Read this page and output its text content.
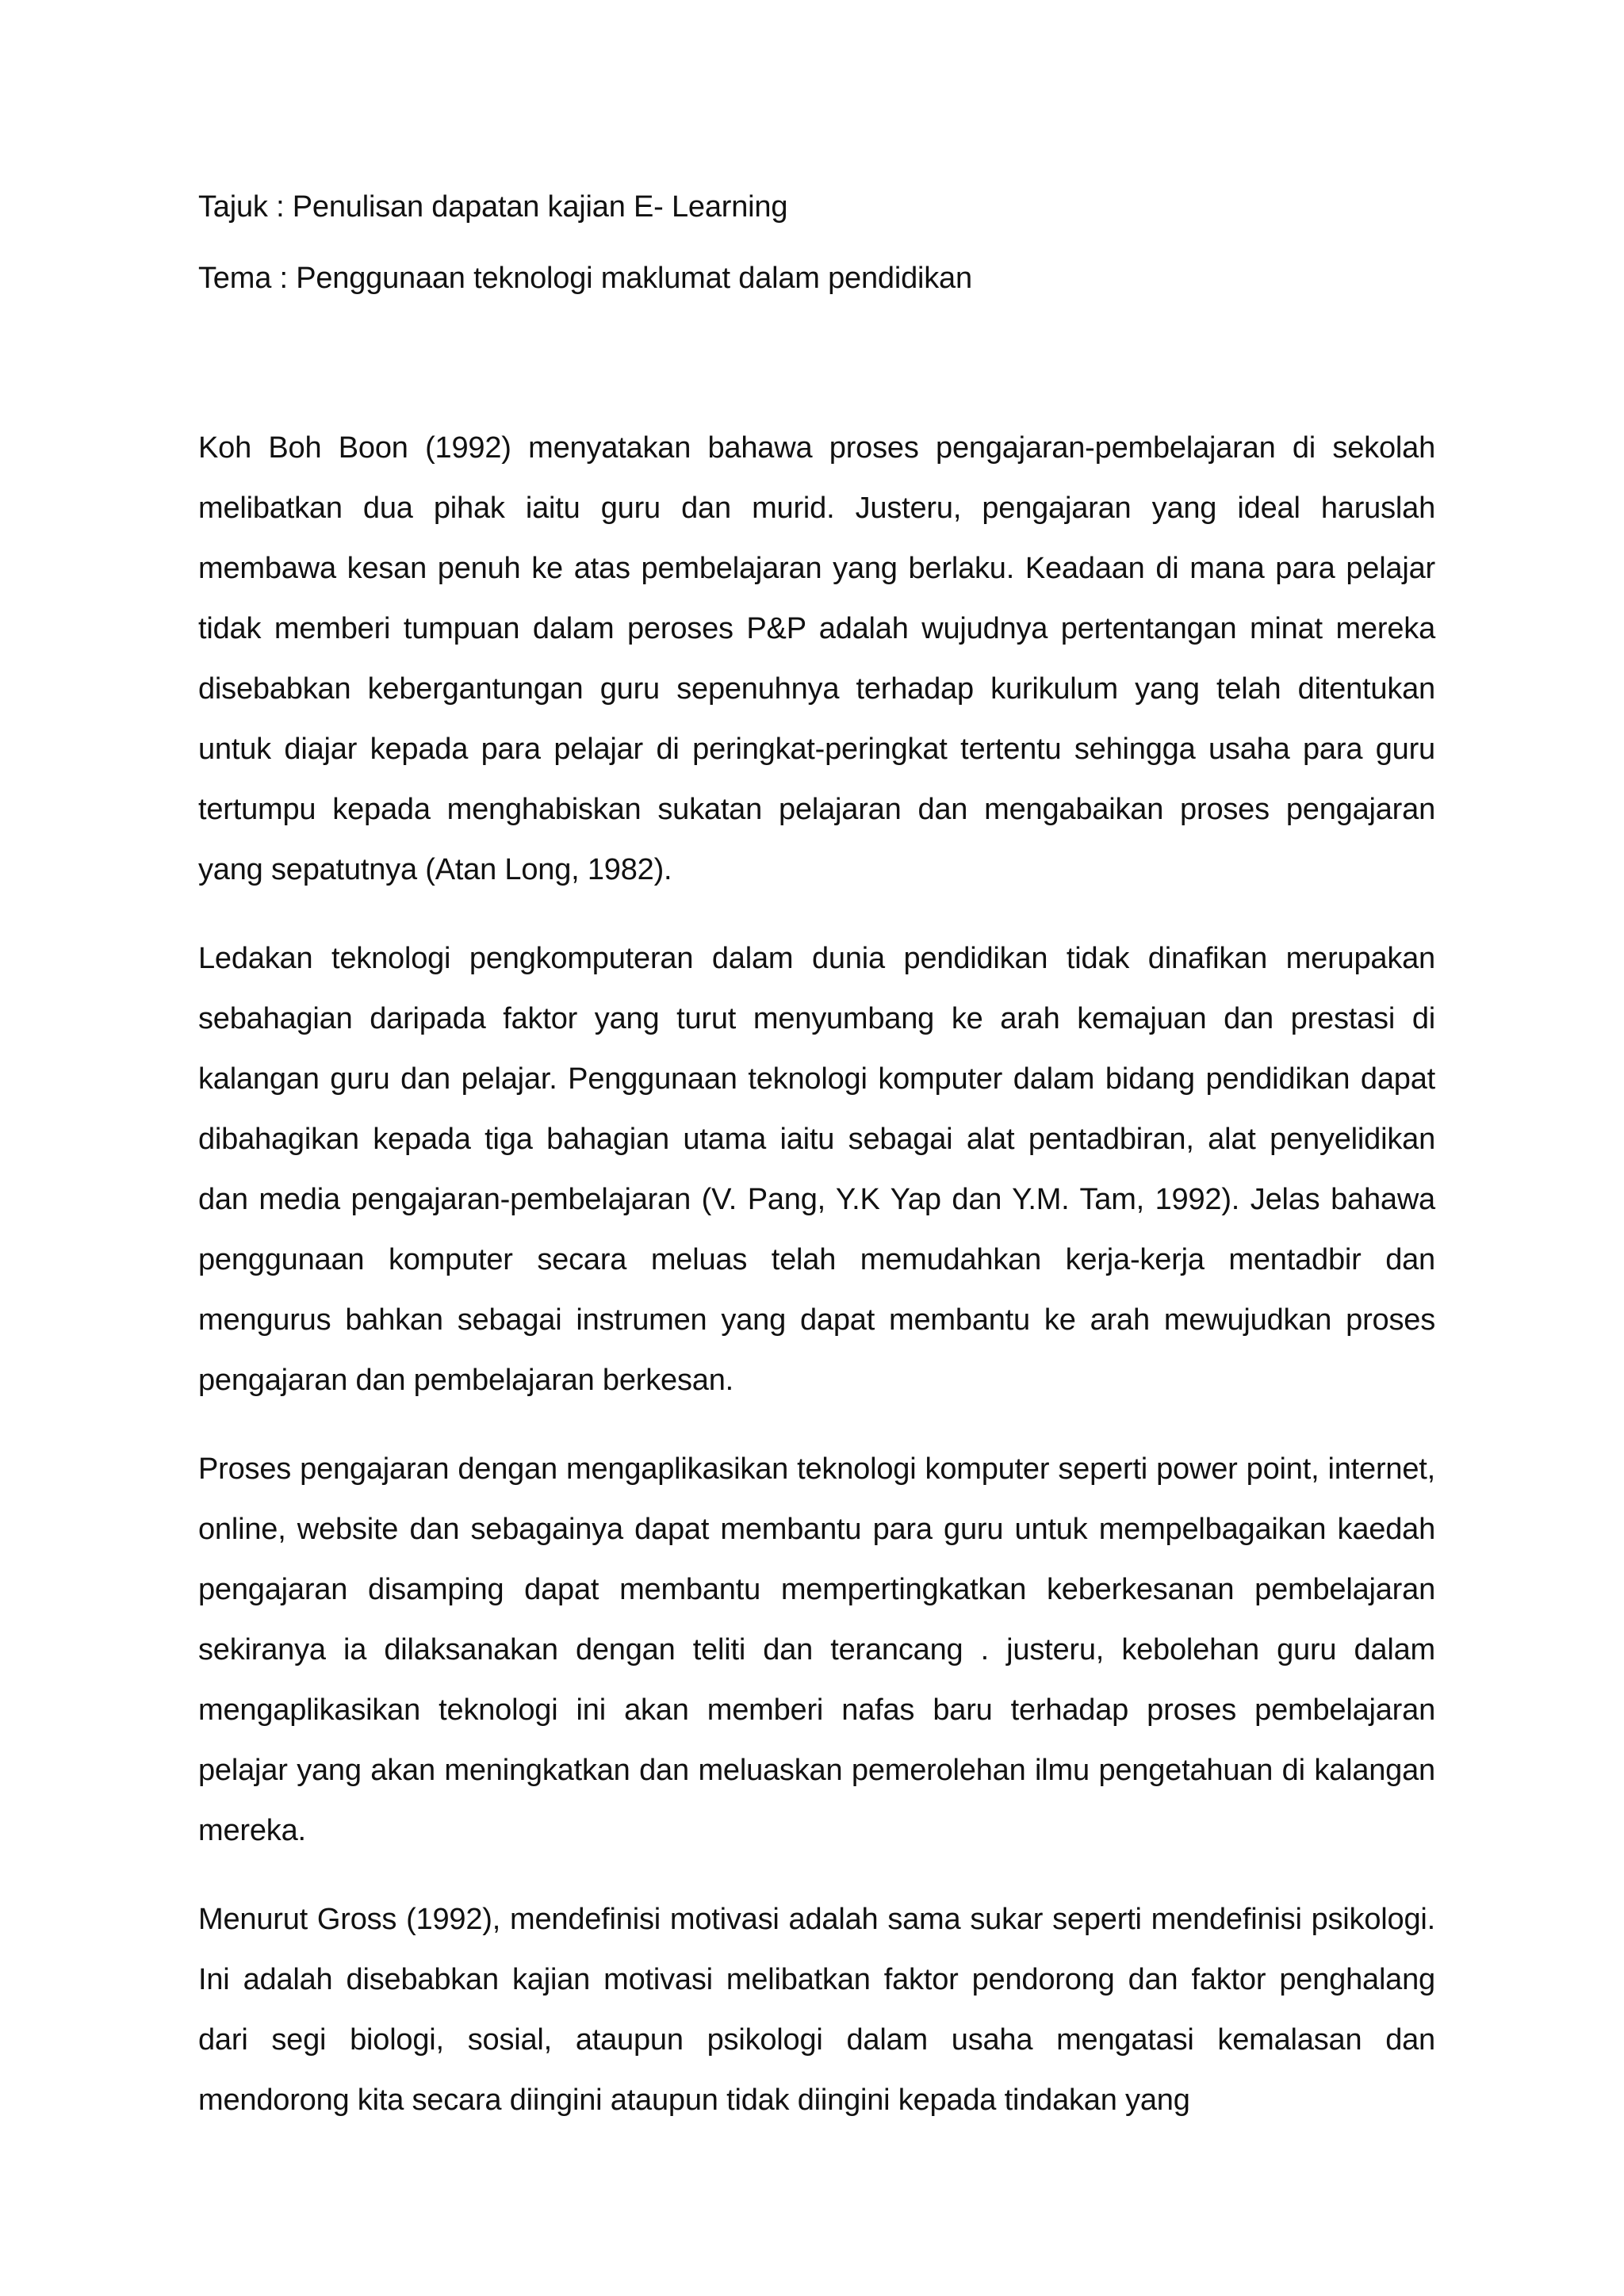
Tajuk : Penulisan dapatan kajian E- Learning

Tema : Penggunaan teknologi maklumat dalam pendidikan

Koh Boh Boon (1992) menyatakan bahawa proses pengajaran-pembelajaran di sekolah melibatkan dua pihak iaitu guru dan murid. Justeru, pengajaran yang ideal haruslah membawa kesan penuh ke atas pembelajaran yang berlaku. Keadaan di mana para pelajar tidak memberi tumpuan dalam peroses P&P adalah wujudnya pertentangan minat mereka disebabkan kebergantungan guru sepenuhnya terhadap kurikulum yang telah ditentukan untuk diajar kepada para pelajar di peringkat-peringkat tertentu sehingga usaha para guru tertumpu kepada menghabiskan sukatan pelajaran dan mengabaikan proses pengajaran yang sepatutnya (Atan Long, 1982).

Ledakan teknologi pengkomputeran dalam dunia pendidikan tidak dinafikan merupakan sebahagian daripada faktor yang turut menyumbang ke arah kemajuan dan prestasi di kalangan guru dan pelajar. Penggunaan teknologi komputer dalam bidang pendidikan dapat dibahagikan kepada tiga bahagian utama iaitu sebagai alat pentadbiran, alat penyelidikan dan media pengajaran-pembelajaran (V. Pang, Y.K Yap dan Y.M. Tam, 1992). Jelas bahawa penggunaan komputer secara meluas telah memudahkan kerja-kerja mentadbir dan mengurus bahkan sebagai instrumen yang dapat membantu ke arah mewujudkan proses pengajaran dan pembelajaran berkesan.

Proses pengajaran dengan mengaplikasikan teknologi komputer seperti power point, internet, online, website dan sebagainya dapat membantu para guru untuk mempelbagaikan kaedah pengajaran disamping dapat membantu mempertingkatkan keberkesanan pembelajaran sekiranya ia dilaksanakan dengan teliti dan terancang . justeru, kebolehan guru dalam mengaplikasikan teknologi ini akan memberi nafas baru terhadap proses pembelajaran pelajar yang akan meningkatkan dan meluaskan pemerolehan ilmu pengetahuan di kalangan mereka.

Menurut Gross (1992), mendefinisi motivasi adalah sama sukar seperti mendefinisi psikologi. Ini adalah disebabkan kajian motivasi melibatkan faktor pendorong dan faktor penghalang dari segi biologi, sosial, ataupun psikologi dalam usaha mengatasi kemalasan dan mendorong kita secara diingini ataupun tidak diingini kepada tindakan yang
